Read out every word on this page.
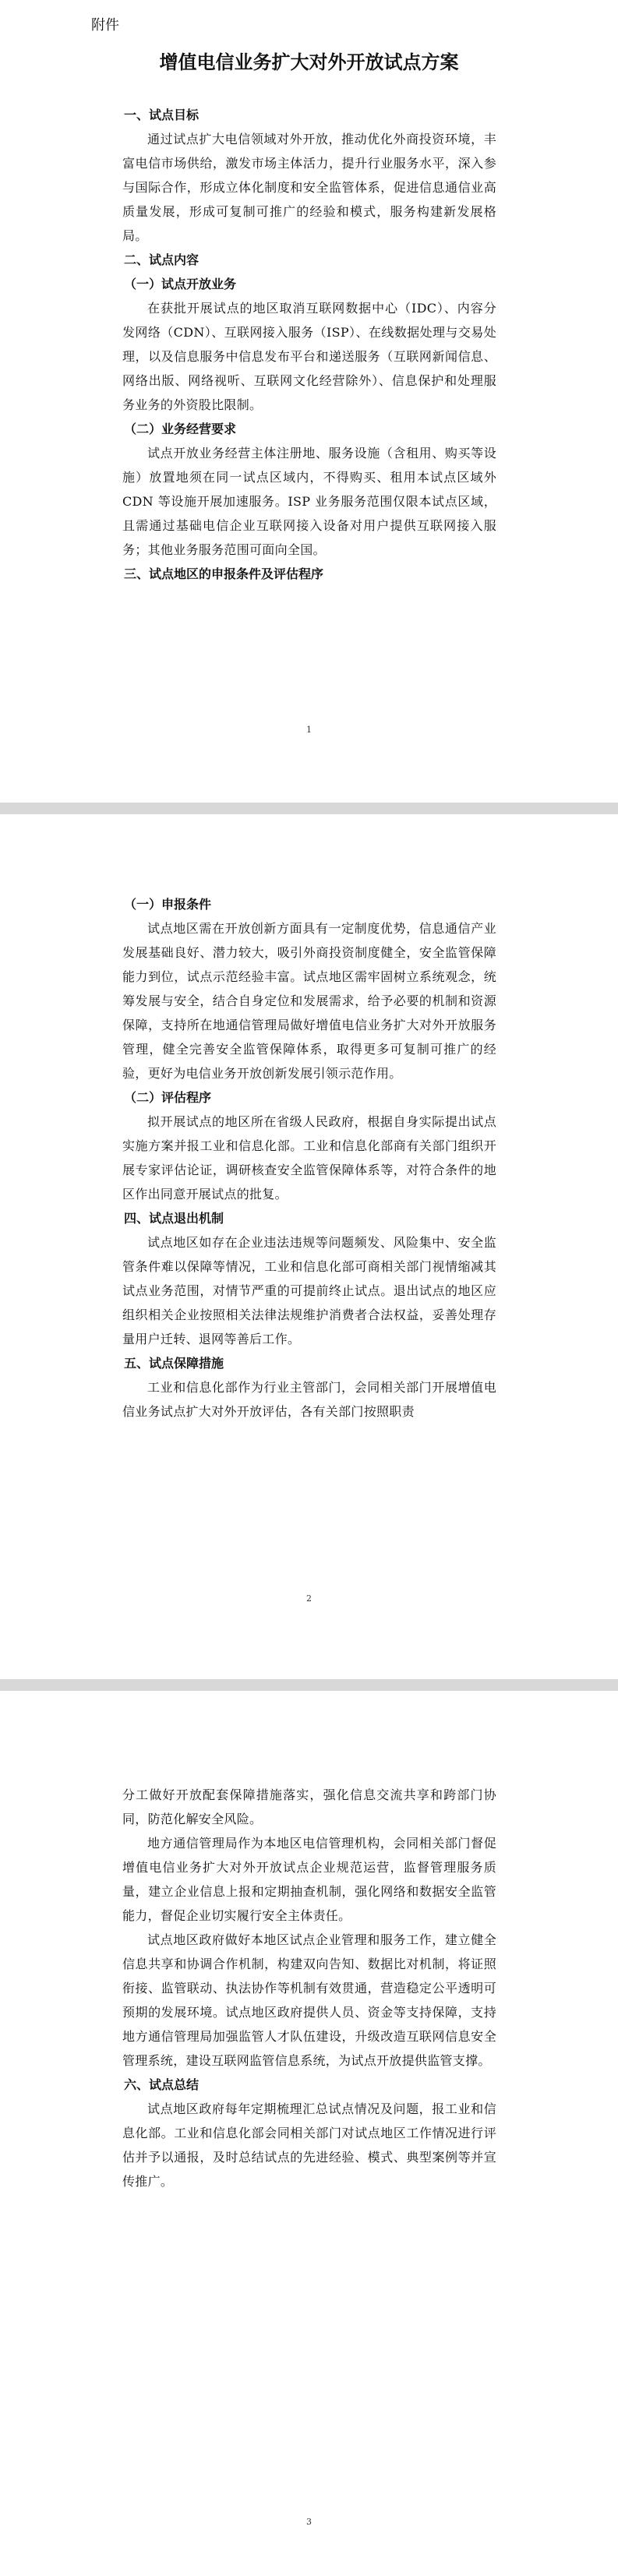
附件
增值电信业务扩大对外开放试点方案

一、试点目标

通过试点扩大电信领域对外开放，推动优化外商投资环境，丰富电信市场供给，激发市场主体活力，提升行业服务水平，深入参与国际合作，形成立体化制度和安全监管体系，促进信息通信业高质量发展，形成可复制可推广的经验和模式，服务构建新发展格局。

二、试点内容

（一）试点开放业务

在获批开展试点的地区取消互联网数据中心（IDC）、内容分发网络（CDN）、互联网接入服务（ISP）、在线数据处理与交易处理，以及信息服务中信息发布平台和递送服务（互联网新闻信息、网络出版、网络视听、互联网文化经营除外）、信息保护和处理服务业务的外资股比限制。

（二）业务经营要求

试点开放业务经营主体注册地、服务设施（含租用、购买等设施）放置地须在同一试点区域内，不得购买、租用本试点区域外 CDN 等设施开展加速服务。ISP 业务服务范围仅限本试点区域，且需通过基础电信企业互联网接入设备对用户提供互联网接入服务；其他业务服务范围可面向全国。

三、试点地区的申报条件及评估程序

1

（一）申报条件

试点地区需在开放创新方面具有一定制度优势，信息通信产业发展基础良好、潜力较大，吸引外商投资制度健全，安全监管保障能力到位，试点示范经验丰富。试点地区需牢固树立系统观念，统筹发展与安全，结合自身定位和发展需求，给予必要的机制和资源保障，支持所在地通信管理局做好增值电信业务扩大对外开放服务管理，健全完善安全监管保障体系，取得更多可复制可推广的经验，更好为电信业务开放创新发展引领示范作用。

（二）评估程序

拟开展试点的地区所在省级人民政府，根据自身实际提出试点实施方案并报工业和信息化部。工业和信息化部商有关部门组织开展专家评估论证，调研核查安全监管保障体系等，对符合条件的地区作出同意开展试点的批复。

四、试点退出机制

试点地区如存在企业违法违规等问题频发、风险集中、安全监管条件难以保障等情况，工业和信息化部可商相关部门视情缩减其试点业务范围，对情节严重的可提前终止试点。退出试点的地区应组织相关企业按照相关法律法规维护消费者合法权益，妥善处理存量用户迁转、退网等善后工作。

五、试点保障措施

工业和信息化部作为行业主管部门，会同相关部门开展增值电信业务试点扩大对外开放评估，各有关部门按照职责

2

分工做好开放配套保障措施落实，强化信息交流共享和跨部门协同，防范化解安全风险。

地方通信管理局作为本地区电信管理机构，会同相关部门督促增值电信业务扩大对外开放试点企业规范运营，监督管理服务质量，建立企业信息上报和定期抽查机制，强化网络和数据安全监管能力，督促企业切实履行安全主体责任。

试点地区政府做好本地区试点企业管理和服务工作，建立健全信息共享和协调合作机制，构建双向告知、数据比对机制，将证照衔接、监管联动、执法协作等机制有效贯通，营造稳定公平透明可预期的发展环境。试点地区政府提供人员、资金等支持保障，支持地方通信管理局加强监管人才队伍建设，升级改造互联网信息安全管理系统，建设互联网监管信息系统，为试点开放提供监管支撑。

六、试点总结

试点地区政府每年定期梳理汇总试点情况及问题，报工业和信息化部。工业和信息化部会同相关部门对试点地区工作情况进行评估并予以通报，及时总结试点的先进经验、模式、典型案例等并宣传推广。

3
